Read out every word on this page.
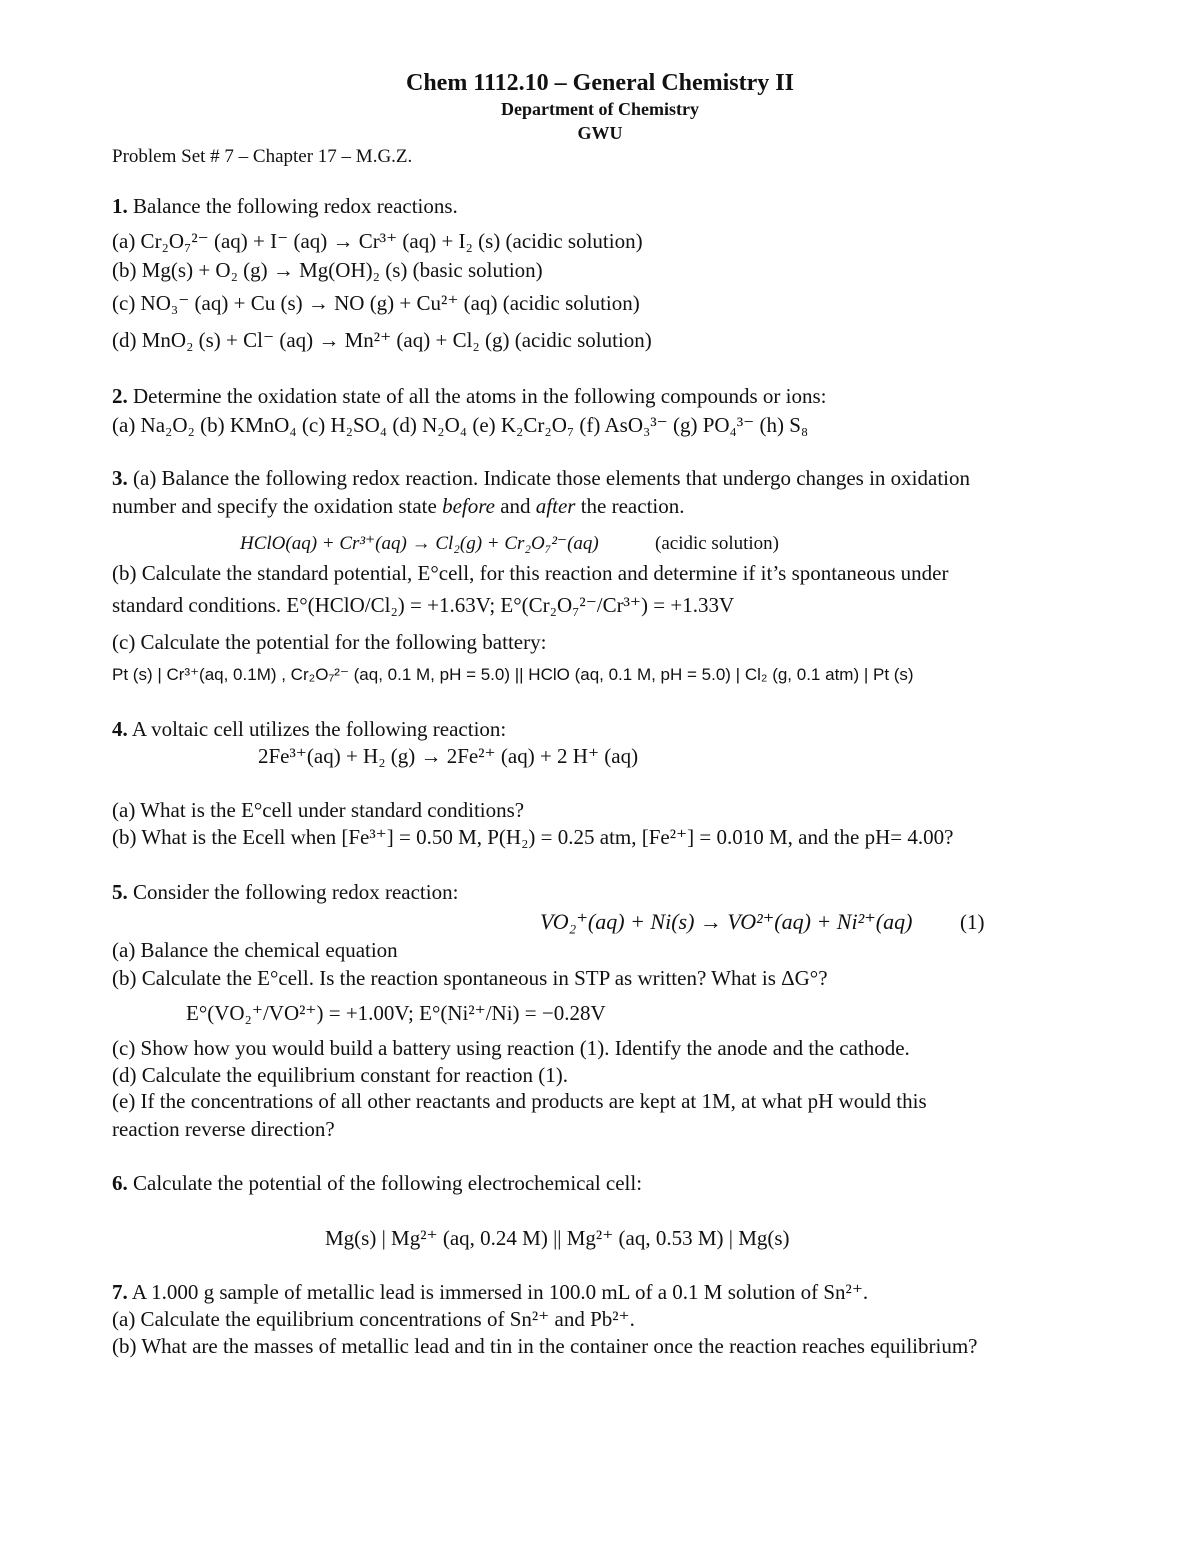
Chem 1112.10 – General Chemistry II
Department of Chemistry
GWU
Problem Set # 7 – Chapter 17 – M.G.Z.
1. Balance the following redox reactions.
(a) Cr₂O₇²⁻ (aq) + I⁻ (aq) → Cr³⁺ (aq) + I₂ (s) (acidic solution)
(b) Mg(s) + O₂ (g) → Mg(OH)₂ (s) (basic solution)
(c) NO₃⁻ (aq) + Cu (s) → NO (g) + Cu²⁺ (aq) (acidic solution)
(d) MnO₂ (s) + Cl⁻ (aq) → Mn²⁺ (aq) + Cl₂ (g) (acidic solution)
2. Determine the oxidation state of all the atoms in the following compounds or ions:
(a) Na₂O₂ (b) KMnO₄ (c) H₂SO₄ (d) N₂O₄ (e) K₂Cr₂O₇ (f) AsO₃³⁻ (g) PO₄³⁻ (h) S₈
3. (a) Balance the following redox reaction. Indicate those elements that undergo changes in oxidation
number and specify the oxidation state before and after the reaction.
HClO(aq) + Cr³⁺(aq) → Cl₂(g) + Cr₂O₇²⁻(aq)	(acidic solution)
(b) Calculate the standard potential, E°cell, for this reaction and determine if it’s spontaneous under
standard conditions. E°(HClO/Cl₂) = +1.63V; E°(Cr₂O₇²⁻/Cr³⁺) = +1.33V
(c) Calculate the potential for the following battery:
Pt (s) | Cr³⁺(aq, 0.1M) , Cr₂O₇²⁻ (aq, 0.1 M, pH = 5.0) || HClO (aq, 0.1 M, pH = 5.0) | Cl₂ (g, 0.1 atm) | Pt (s)
4. A voltaic cell utilizes the following reaction:
2Fe³⁺(aq) + H₂ (g) → 2Fe²⁺ (aq) + 2 H⁺ (aq)
(a) What is the E°cell under standard conditions?
(b) What is the Ecell when [Fe³⁺] = 0.50 M, P(H₂) = 0.25 atm, [Fe²⁺] = 0.010 M, and the pH= 4.00?
5. Consider the following redox reaction:
VO₂⁺(aq) + Ni(s) → VO²⁺(aq) + Ni²⁺(aq) (1)
(a) Balance the chemical equation
(b) Calculate the E°cell. Is the reaction spontaneous in STP as written? What is ΔG°?
E°(VO₂⁺/VO²⁺) = +1.00V; E°(Ni²⁺/Ni) = −0.28V
(c) Show how you would build a battery using reaction (1). Identify the anode and the cathode.
(d) Calculate the equilibrium constant for reaction (1).
(e) If the concentrations of all other reactants and products are kept at 1M, at what pH would this
reaction reverse direction?
6. Calculate the potential of the following electrochemical cell:
Mg(s) | Mg²⁺ (aq, 0.24 M) || Mg²⁺ (aq, 0.53 M) | Mg(s)
7. A 1.000 g sample of metallic lead is immersed in 100.0 mL of a 0.1 M solution of Sn²⁺.
(a) Calculate the equilibrium concentrations of Sn²⁺ and Pb²⁺.
(b) What are the masses of metallic lead and tin in the container once the reaction reaches equilibrium?
